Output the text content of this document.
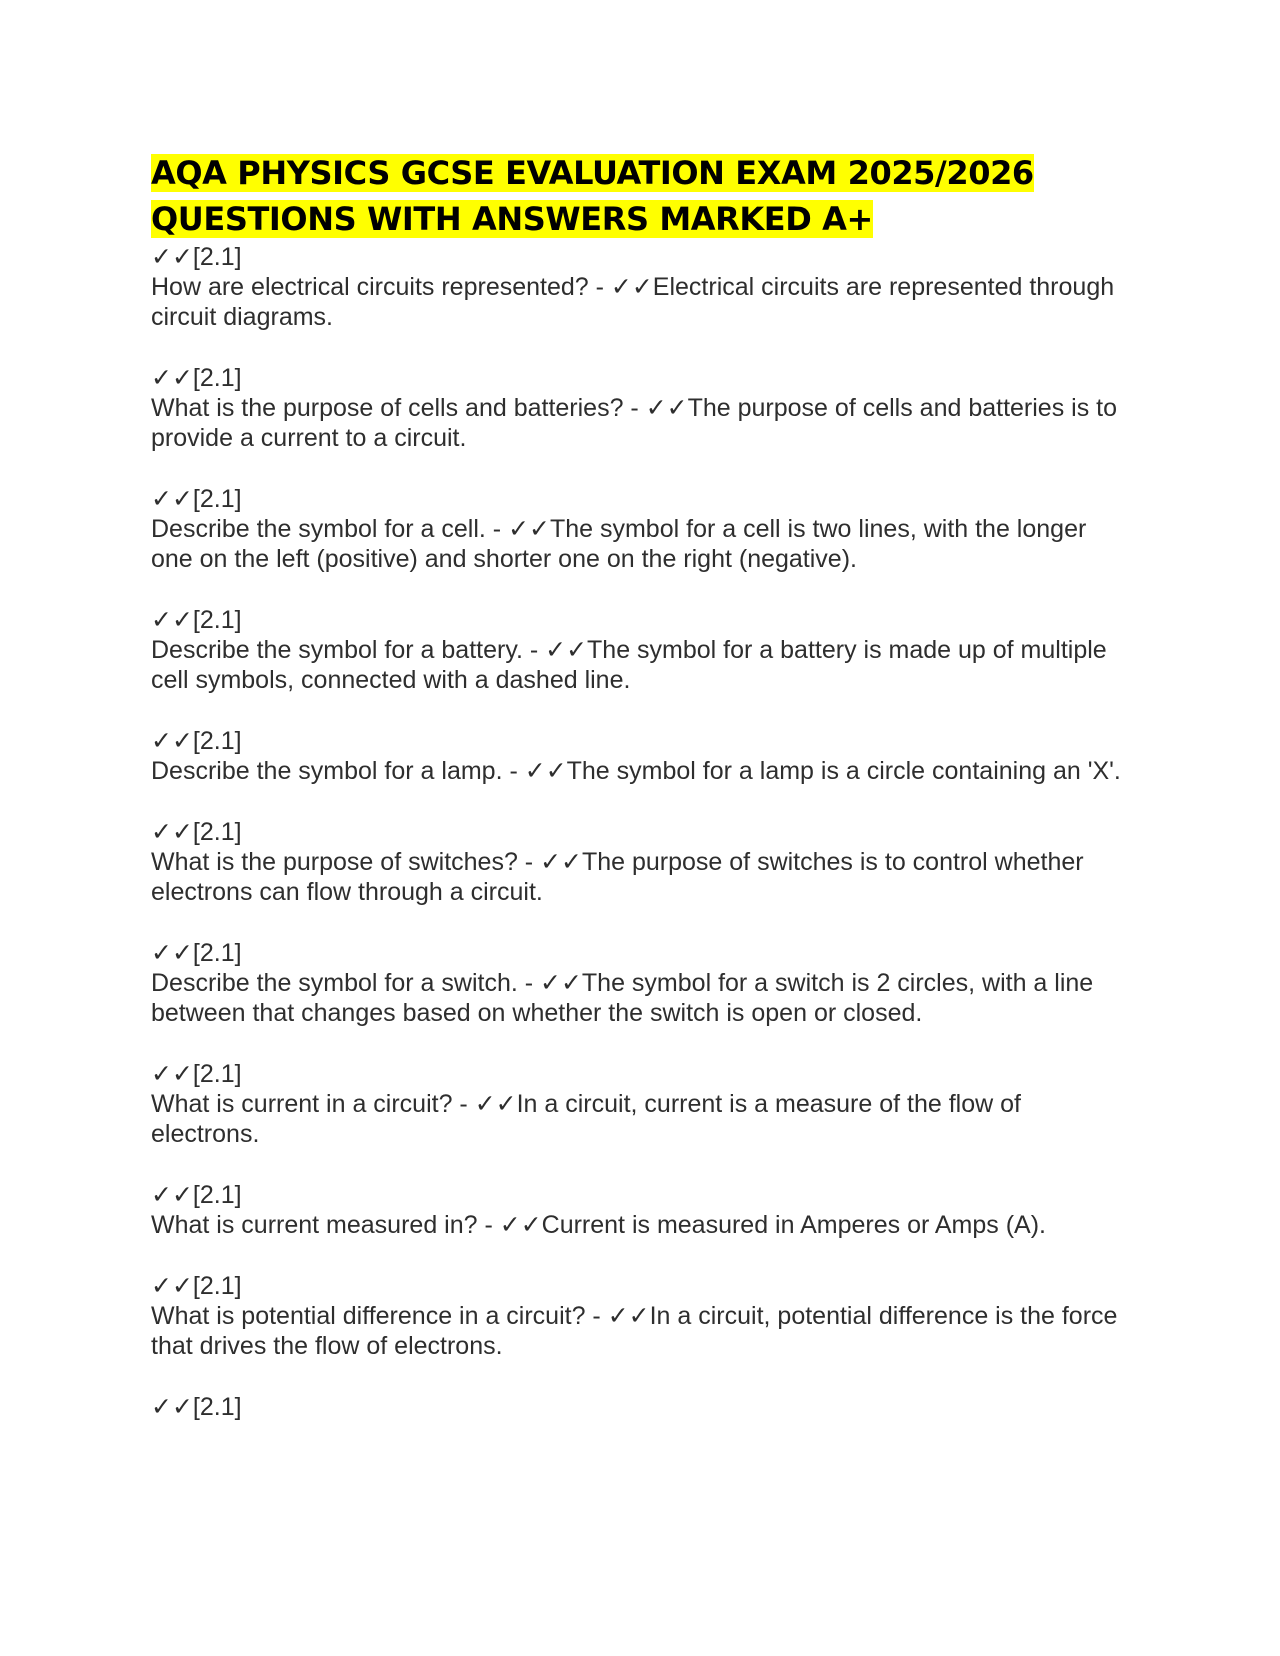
AQA PHYSICS GCSE EVALUATION EXAM 2025/2026
QUESTIONS WITH ANSWERS MARKED A+
✓✓[2.1]
How are electrical circuits represented? - ✓✓Electrical circuits are represented through circuit diagrams.
✓✓[2.1]
What is the purpose of cells and batteries? - ✓✓The purpose of cells and batteries is to provide a current to a circuit.
✓✓[2.1]
Describe the symbol for a cell. - ✓✓The symbol for a cell is two lines, with the longer one on the left (positive) and shorter one on the right (negative).
✓✓[2.1]
Describe the symbol for a battery. - ✓✓The symbol for a battery is made up of multiple cell symbols, connected with a dashed line.
✓✓[2.1]
Describe the symbol for a lamp. - ✓✓The symbol for a lamp is a circle containing an 'X'.
✓✓[2.1]
What is the purpose of switches? - ✓✓The purpose of switches is to control whether electrons can flow through a circuit.
✓✓[2.1]
Describe the symbol for a switch. - ✓✓The symbol for a switch is 2 circles, with a line between that changes based on whether the switch is open or closed.
✓✓[2.1]
What is current in a circuit? - ✓✓In a circuit, current is a measure of the flow of electrons.
✓✓[2.1]
What is current measured in? - ✓✓Current is measured in Amperes or Amps (A).
✓✓[2.1]
What is potential difference in a circuit? - ✓✓In a circuit, potential difference is the force that drives the flow of electrons.
✓✓[2.1]
